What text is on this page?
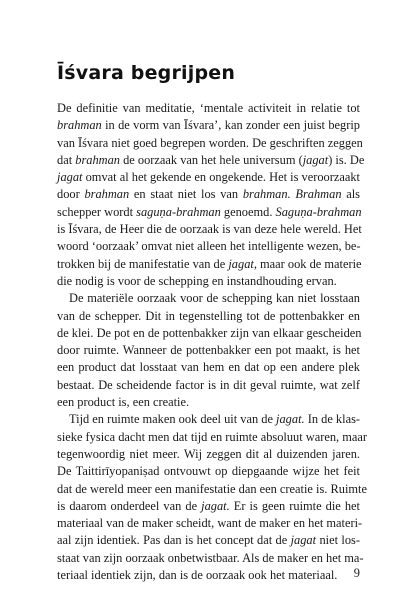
Īśvara begrijpen
De definitie van meditatie, ‘mentale activiteit in relatie tot
brahman in de vorm van Īśvara’, kan zonder een juist begrip
van Īśvara niet goed begrepen worden. De geschriften zeggen
dat brahman de oorzaak van het hele universum (jagat) is. De
jagat omvat al het gekende en ongekende. Het is veroorzaakt
door brahman en staat niet los van brahman. Brahman als
schepper wordt saguṇa-brahman genoemd. Saguṇa-brahman
is Īśvara, de Heer die de oorzaak is van deze hele wereld. Het
woord ‘oorzaak’ omvat niet alleen het intelligente wezen, be-
trokken bij de manifestatie van de jagat, maar ook de materie
die nodig is voor de schepping en instandhouding ervan.
De materiële oorzaak voor de schepping kan niet losstaan
van de schepper. Dit in tegenstelling tot de pottenbakker en
de klei. De pot en de pottenbakker zijn van elkaar gescheiden
door ruimte. Wanneer de pottenbakker een pot maakt, is het
een product dat losstaat van hem en dat op een andere plek
bestaat. De scheidende factor is in dit geval ruimte, wat zelf
een product is, een creatie.
Tijd en ruimte maken ook deel uit van de jagat. In de klas-
sieke fysica dacht men dat tijd en ruimte absoluut waren, maar
tegenwoordig niet meer. Wij zeggen dit al duizenden jaren.
De Taittirīyopaniṣad ontvouwt op diepgaande wijze het feit
dat de wereld meer een manifestatie dan een creatie is. Ruimte
is daarom onderdeel van de jagat. Er is geen ruimte die het
materiaal van de maker scheidt, want de maker en het materi-
aal zijn identiek. Pas dan is het concept dat de jagat niet los-
staat van zijn oorzaak onbetwistbaar. Als de maker en het ma-
teriaal identiek zijn, dan is de oorzaak ook het materiaal.	9
